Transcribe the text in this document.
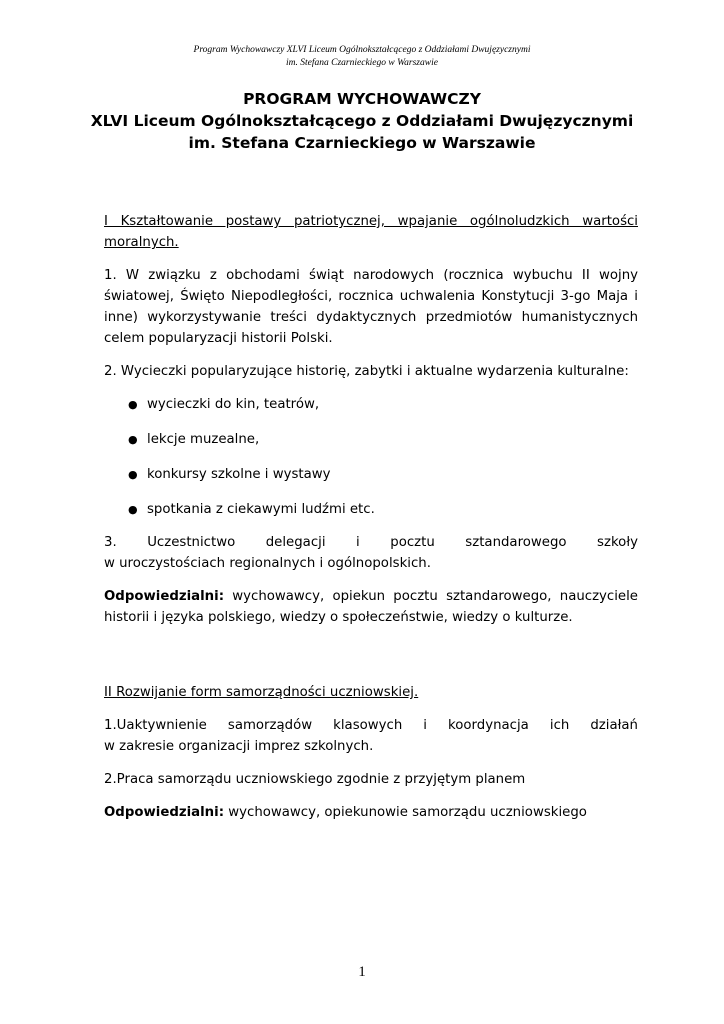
Program Wychowawczy XLVI Liceum Ogólnokształcącego z Oddziałami Dwujęzycznymi
im. Stefana Czarnieckiego w Warszawie
PROGRAM WYCHOWAWCZY
XLVI Liceum Ogólnokształcącego z Oddziałami Dwujęzycznymi
im. Stefana Czarnieckiego w Warszawie

I Kształtowanie postawy patriotycznej, wpajanie ogólnoludzkich wartości moralnych.

1. W związku z obchodami świąt narodowych (rocznica wybuchu II wojny światowej, Święto Niepodległości, rocznica uchwalenia Konstytucji 3-go Maja i inne) wykorzystywanie treści dydaktycznych przedmiotów humanistycznych celem popularyzacji historii Polski.

2. Wycieczki popularyzujące historię, zabytki i aktualne wydarzenia kulturalne:

● wycieczki do kin, teatrów,
● lekcje muzealne,
● konkursy szkolne i wystawy
● spotkania z ciekawymi ludźmi etc.
3. Uczestnictwo delegacji i pocztu sztandarowego szkoły
w uroczystościach regionalnych i ogólnopolskich.

Odpowiedzialni: wychowawcy, opiekun pocztu sztandarowego, nauczyciele historii i języka polskiego, wiedzy o społeczeństwie, wiedzy o kulturze.

II Rozwijanie form samorządności uczniowskiej.

1.Uaktywnienie samorządów klasowych i koordynacja ich działań
w zakresie organizacji imprez szkolnych.

2.Praca samorządu uczniowskiego zgodnie z przyjętym planem

Odpowiedzialni: wychowawcy, opiekunowie samorządu uczniowskiego

1
